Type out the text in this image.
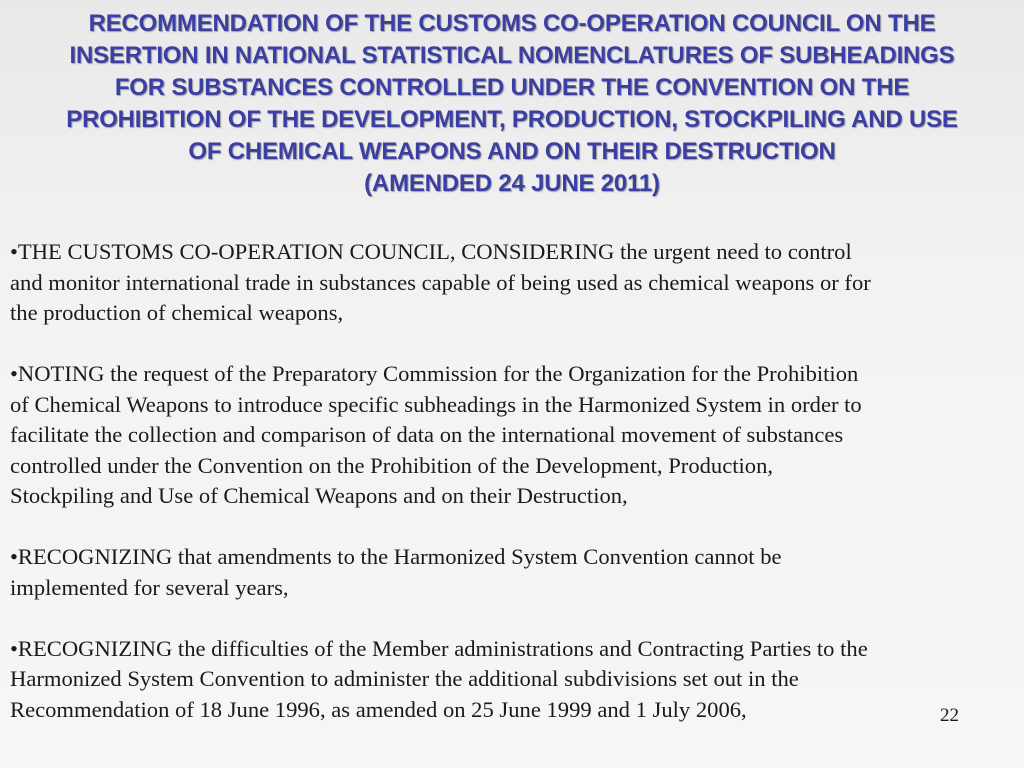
RECOMMENDATION OF THE CUSTOMS CO-OPERATION COUNCIL ON THE
INSERTION IN NATIONAL STATISTICAL NOMENCLATURES OF SUBHEADINGS
FOR SUBSTANCES CONTROLLED UNDER THE CONVENTION ON THE
PROHIBITION OF THE DEVELOPMENT, PRODUCTION, STOCKPILING AND USE
OF CHEMICAL WEAPONS AND ON THEIR DESTRUCTION
(AMENDED 24 JUNE 2011)

•THE CUSTOMS CO-OPERATION COUNCIL, CONSIDERING the urgent need to control
and monitor international trade in substances capable of being used as chemical weapons or for
the production of chemical weapons,

•NOTING the request of the Preparatory Commission for the Organization for the Prohibition
of Chemical Weapons to introduce specific subheadings in the Harmonized System in order to
facilitate the collection and comparison of data on the international movement of substances
controlled under the Convention on the Prohibition of the Development, Production,
Stockpiling and Use of Chemical Weapons and on their Destruction,

•RECOGNIZING that amendments to the Harmonized System Convention cannot be
implemented for several years,

•RECOGNIZING the difficulties of the Member administrations and Contracting Parties to the
Harmonized System Convention to administer the additional subdivisions set out in the
Recommendation of 18 June 1996, as amended on 25 June 1999 and 1 July 2006,	22
